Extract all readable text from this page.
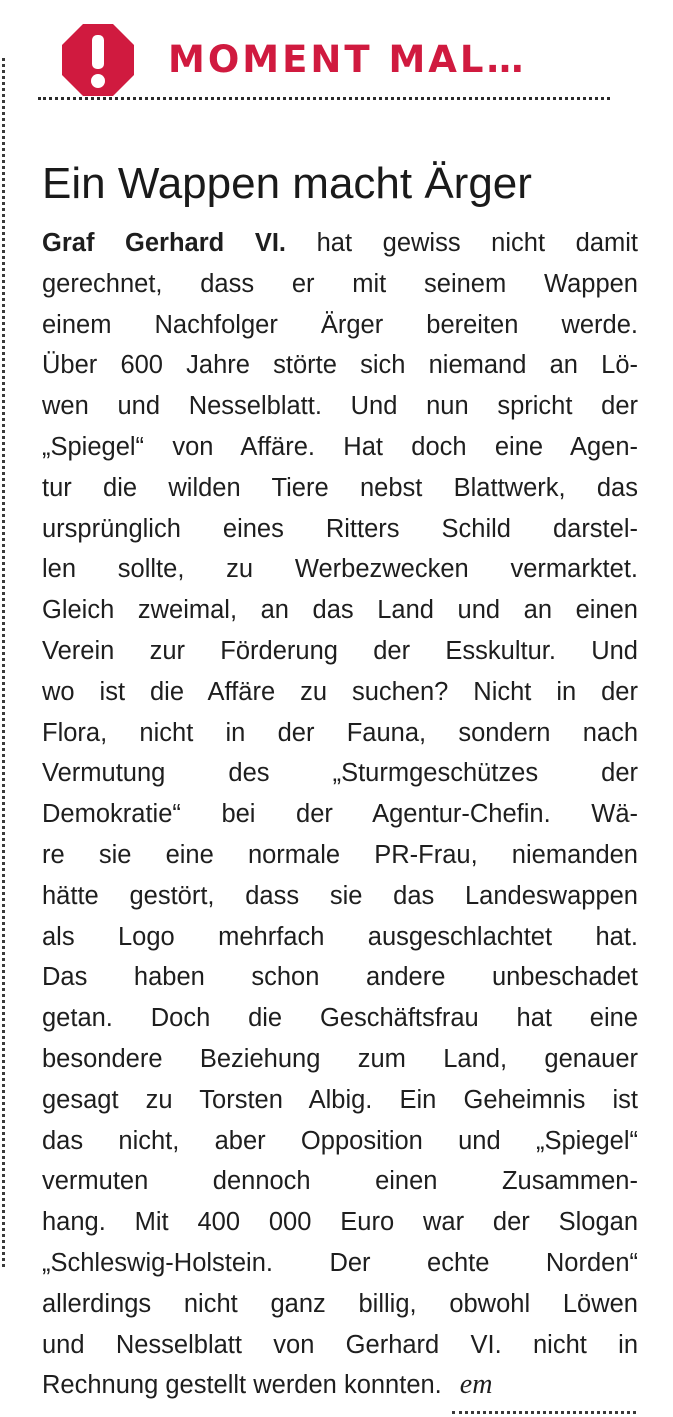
MOMENT MAL…
Ein Wappen macht Ärger
Graf Gerhard VI. hat gewiss nicht damit
gerechnet, dass er mit seinem Wappen
einem Nachfolger Ärger bereiten werde.
Über 600 Jahre störte sich niemand an Lö-
wen und Nesselblatt. Und nun spricht der
„Spiegel“ von Affäre. Hat doch eine Agen-
tur die wilden Tiere nebst Blattwerk, das
ursprünglich eines Ritters Schild darstel-
len sollte, zu Werbezwecken vermarktet.
Gleich zweimal, an das Land und an einen
Verein zur Förderung der Esskultur. Und
wo ist die Affäre zu suchen? Nicht in der
Flora, nicht in der Fauna, sondern nach
Vermutung des „Sturmgeschützes der
Demokratie“ bei der Agentur-Chefin. Wä-
re sie eine normale PR-Frau, niemanden
hätte gestört, dass sie das Landeswappen
als Logo mehrfach ausgeschlachtet hat.
Das haben schon andere unbeschadet
getan. Doch die Geschäftsfrau hat eine
besondere Beziehung zum Land, genauer
gesagt zu Torsten Albig. Ein Geheimnis ist
das nicht, aber Opposition und „Spiegel“
vermuten dennoch einen Zusammen-
hang. Mit 400 000 Euro war der Slogan
„Schleswig-Holstein. Der echte Norden“
allerdings nicht ganz billig, obwohl Löwen
und Nesselblatt von Gerhard VI. nicht in
Rechnung gestellt werden konnten. em
